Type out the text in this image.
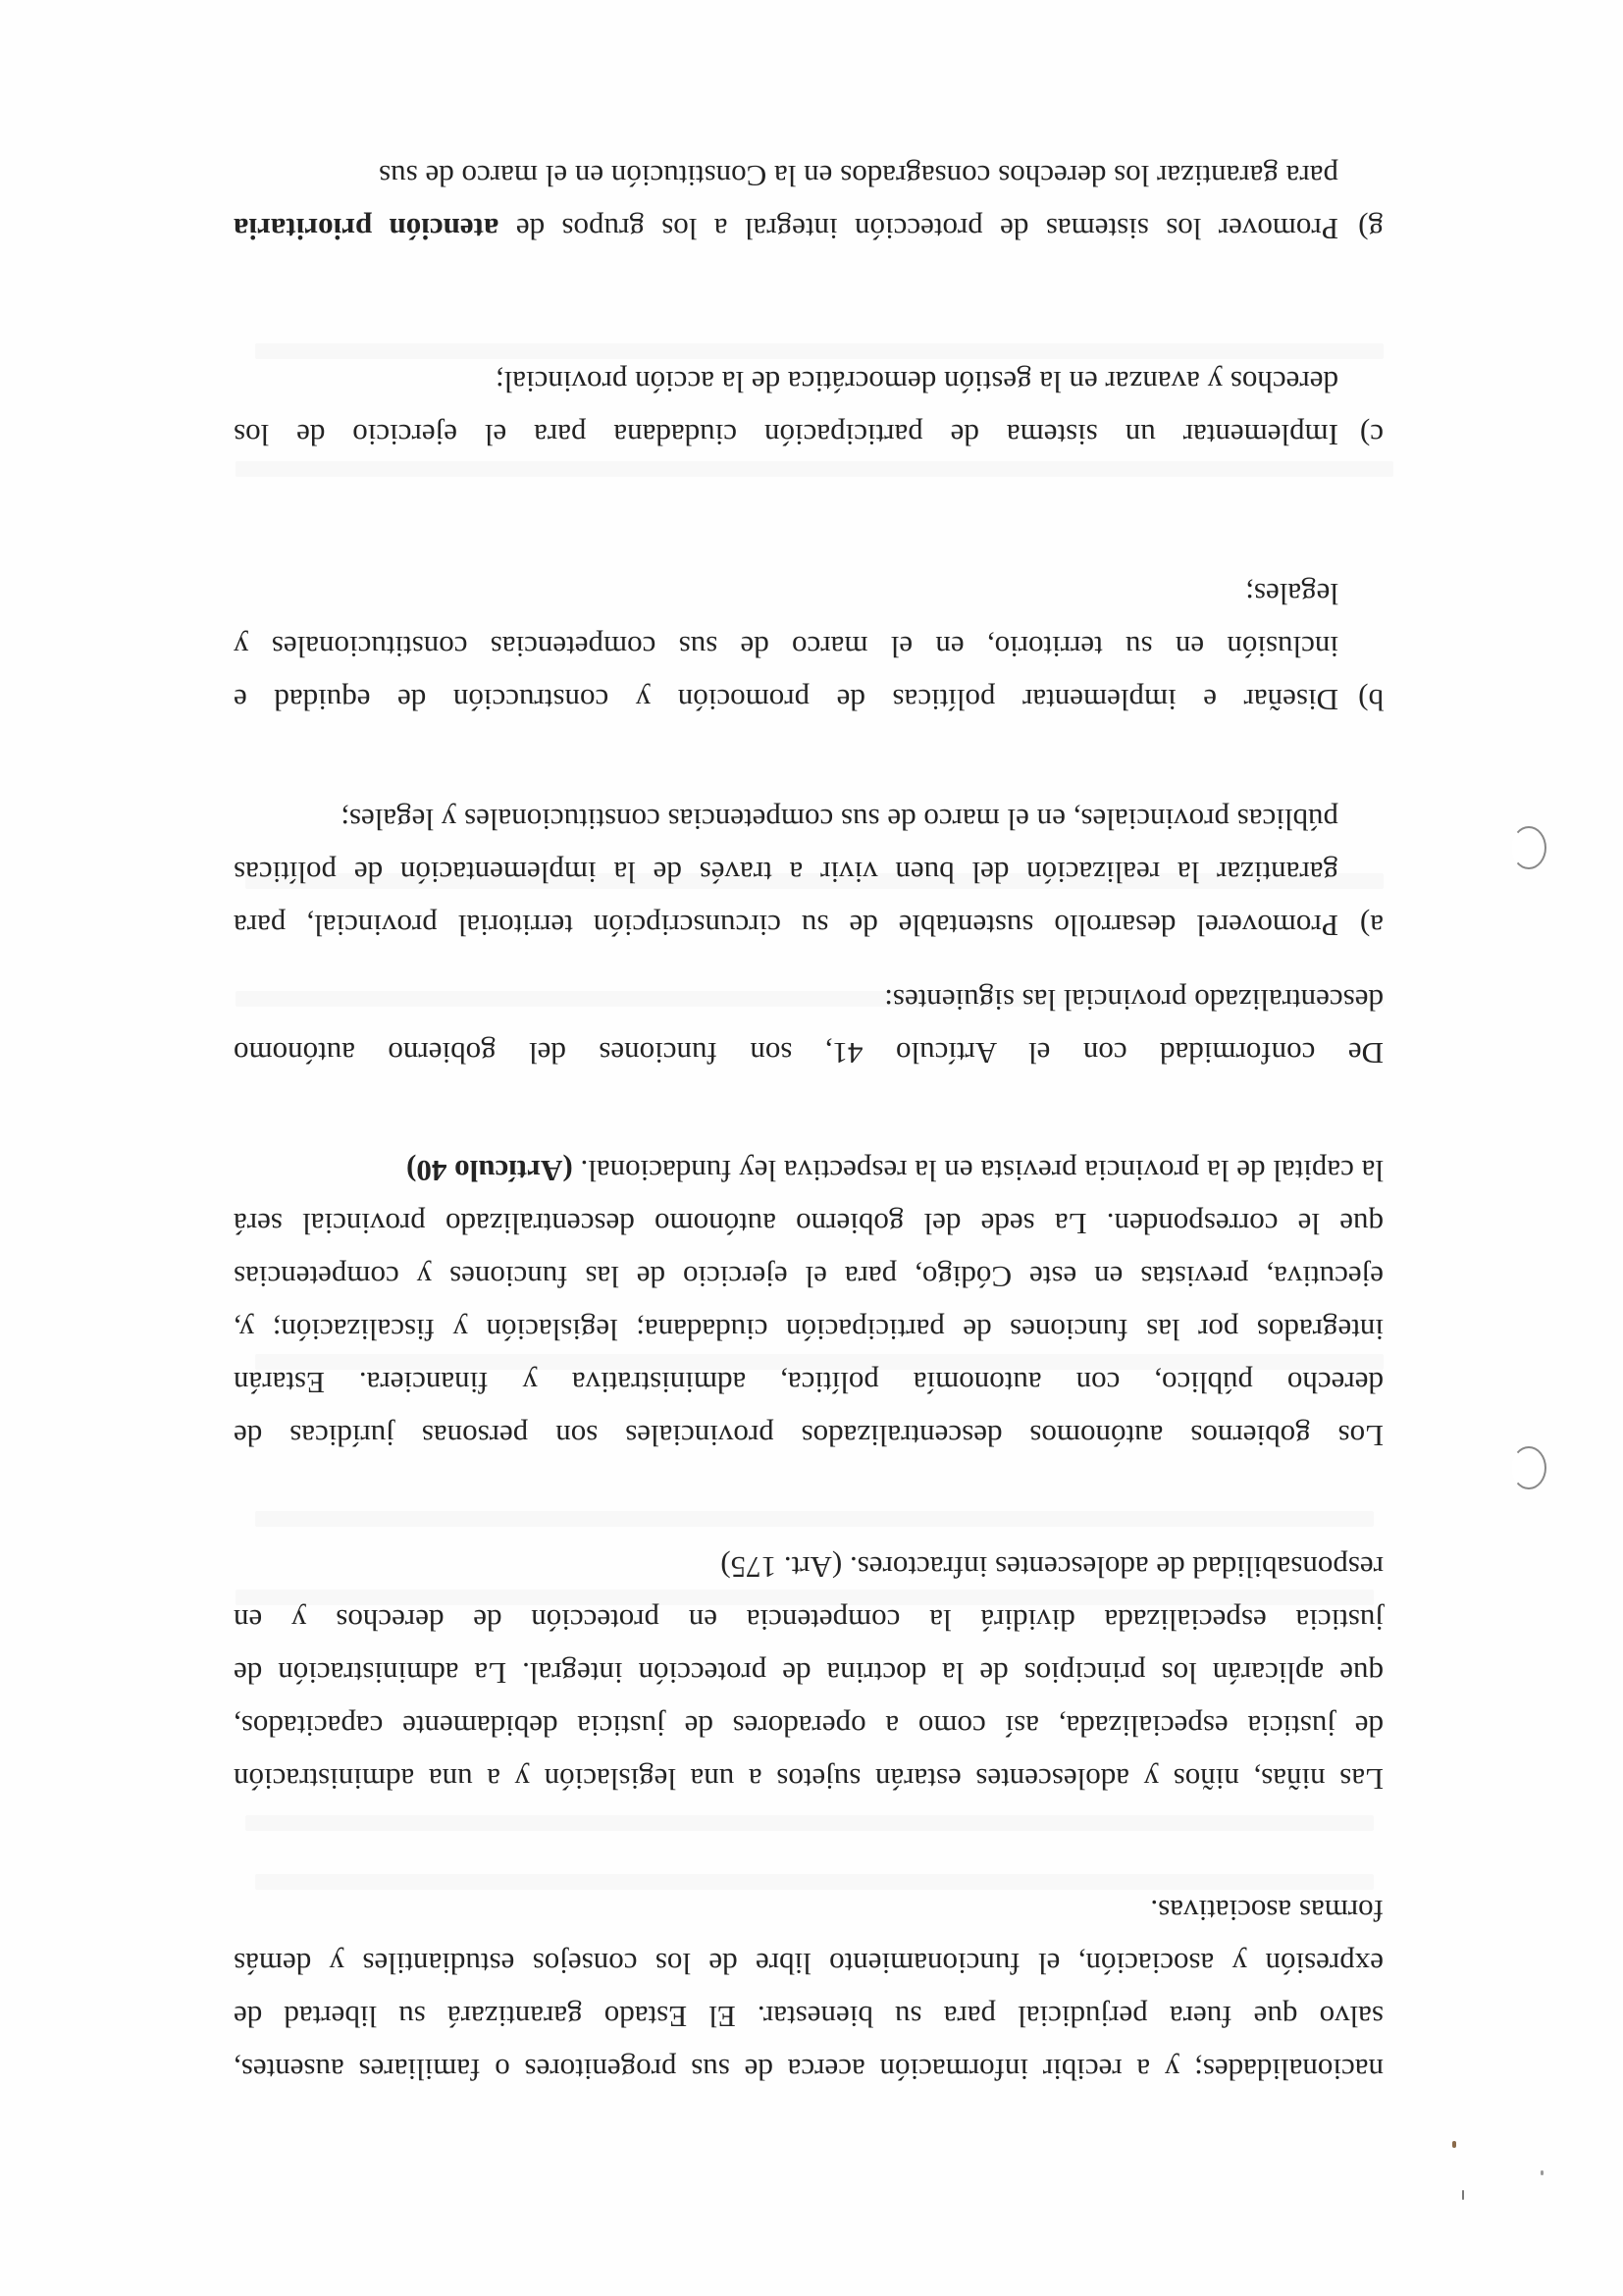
nacionalidades; y a recibir información acerca de sus progenitores o familiares ausentes,
salvo que fuera perjudicial para su bienestar. El Estado garantizará su libertad de
expresión y asociación, el funcionamiento libre de los consejos estudiantiles y demás
formas asociativas.
Las niñas, niños y adolescentes estarán sujetos a una legislación y a una administración
de justicia especializada, así como a operadores de justicia debidamente capacitados,
que aplicarán los principios de la doctrina de protección integral. La administración de
justicia especializada dividirá la competencia en protección de derechos y en
responsabilidad de adolescentes infractores. (Art. 175)
Los gobiernos autónomos descentralizados provinciales son personas jurídicas de
derecho público, con autonomía política, administrativa y financiera. Estarán
integrados por las funciones de participación ciudadana; legislación y fiscalización; y,
ejecutiva, previstas en este Código, para el ejercicio de las funciones y competencias
que le corresponden. La sede del gobierno autónomo descentralizado provincial será
la capital de la provincia prevista en la respectiva ley fundacional. (Artículo 40)
De conformidad con el Artículo 41, son funciones del gobierno autónomo
descentralizado provincial las siguientes:
a)
Promoverel desarrollo sustentable de su circunscripción territorial provincial, para
garantizar la realización del buen vivir a través de la implementación de políticas
públicas provinciales, en el marco de sus competencias constitucionales y legales;
b)
Diseñar e implementar políticas de promoción y construcción de equidad e
inclusión en su territorio, en el marco de sus competencias constitucionales y
legales;
c)
Implementar un sistema de participación ciudadana para el ejercicio de los
derechos y avanzar en la gestión democrática de la acción provincial;
g)
Promover los sistemas de protección integral a los grupos de atención prioritaria
para garantizar los derechos consagrados en la Constitución en el marco de sus
